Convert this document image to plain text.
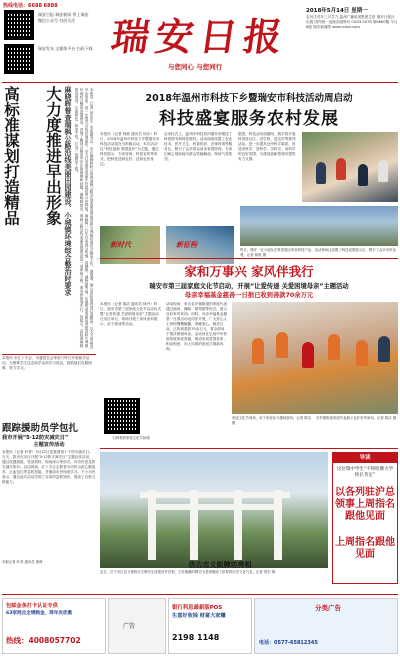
热线电话：6688 6888
瑞安日报 瑞安新闻 掌上瑞安 微信公众号 扫码关注
瑞安发布 全媒体平台 扫码下载 瑞安日报
与您同心 与您同行
2018年5月14日 星期一
农历戊戌年三月廿九 温州广播电视集团主管 瑞安日报社出版 国内统一连续出版物号 CN33-0078 第8660期 今日8版 瑞安新闻网 www.ruian.com
高标准谋划打造精品	本报讯（记者 何乐乐）市委副书记、市长麻晓晖昨日督查瑞枫公路沿线美丽田园建设和小城镇环境综合整治工作。他强调，要以高标准谋划打造精品，以大力度推进早出形象，进一步提升沿线环境品质，全力打造瑞安美丽乡村建设的示范样板。麻晓晖一行先后来到马屿镇、高楼镇、湖岭镇等地，实地察看美丽田园建设和小城镇环境综合整治进展情况，详细了解项目推进中存在的困难和问题。麻晓晖指出，瑞枫公路沿线美丽田园建设是一项系统工程，要坚持规划先行，高起点、高标准编制建设规划，注重特色、彰显个性，打造一批精品工程。
大力度推进早出形象 麻晓晖督查瑞枫公路沿线美丽田园建设、小城镇环境综合整治时要求	2018年温州市科技下乡暨瑞安市科技活动周启动
科技盛宴服务农村发展
本报讯（记者 林晨 通讯员 何乐）昨日，2018年温州市科技下乡暨瑞安市科技活动周在马屿镇启动。本次活动以“科技创新 强国富民”为主题，通过科技展示、专家咨询、科普宣传等形式，把科技送到农村、送到农民身边。
启动仪式上，温州市科技局向瑞安市赠送了科普图书和科技资料。活动现场设置了农业技术、医疗卫生、科普知识、法律咨询等服务区，吸引了众多群众前来参观咨询。专家们耐心细致地为群众答疑解惑，现场气氛热烈。
据悉，科技活动周期间，我市将开展科普进社区、进学校、进农村等系列活动，进一步提高全民科学素质，营造讲科学、爱科学、学科学、用科学的良好氛围，为建设创新型城市提供有力支撑。
新时代	新征程
昨日，瑞安一位小朋友在科普展区体验科技产品。活动现场还设置了科技成果展示区，吸引了众多市民参观。记者 林晨 摄
家和万事兴 家风伴我行
瑞安市第三届家庭文化节启动，开展“让爱传递 关爱困境母亲”主题活动
母亲幸福基金慈善一日捐已收到善款70余万元
本报讯（记者 陈洁 通讯员 林丹）昨日，瑞安市第三届家庭文化节启动仪式暨“让爱传递 关爱困境母亲”主题活动在市区举行，现场开展了家风家训展示、亲子游戏等活动。
活动现场，来自各乡镇街道的家庭代表通过诵读、舞蹈、情景剧等形式，展示良好家风家训。同时，母亲幸福基金慈善一日捐活动也同步开展，广大爱心人士纷纷慷慨解囊，奉献爱心。截至目前，已收到善款70余万元，将全部用于帮扶困境母亲。活动旨在弘扬中华民族传统家庭美德，推动形成爱国爱家、相亲相爱、向上向善的家庭文明新风尚。
家庭文化节现场，亲子家庭参与趣味游戏。记者 陈洁 摄
各乡镇街道家庭代表展示良好家风家训。记者 陈洁 摄
扫码观看家庭文化节视频
本报讯 市红十字会、市慈善总会等部门昨日开展助学活动，为困难学生送去助学金和学习用品，鼓励他们克服困难、努力学习。
跟踪援助员学包扎
我市开展“5·12防灾减灾日”
主题宣传活动
本报讯（记者 叶青）5月12日是我国第十个防灾减灾日。当天，我市在市区开展“5·12防灾减灾日”主题宣传活动，通过设置展板、发放资料、现场演示等形式，向市民普及防灾减灾知识。活动现场，红十字会志愿者为市民示范心肺复苏、止血包扎等急救技能，并邀请市民现场学习。不少市民表示，通过此次活动学到了实用的急救知识，提高了自救互救能力。
本报记者 叶青 通讯员 黄海	仿古忠义街牌坊亮相
近日，位于市区忠义街的仿古牌坊完成建设并亮相，古朴典雅的牌坊为老街增添了浓厚的历史文化气息。记者 郑东 摄
导读
这位瑞中学生“不得哈佛大学校长肯定”
以各列驻沪总领事上周指名跟他见面
上周指名跟他见面
包邮金条打卡认证专供
63家网点全境购金，周年庆优惠
热线：4008057702
广告
银行利息最新版POS
生意好收钱 财富大家赚
2198 1148
分类广告
电话：0577-65812345
